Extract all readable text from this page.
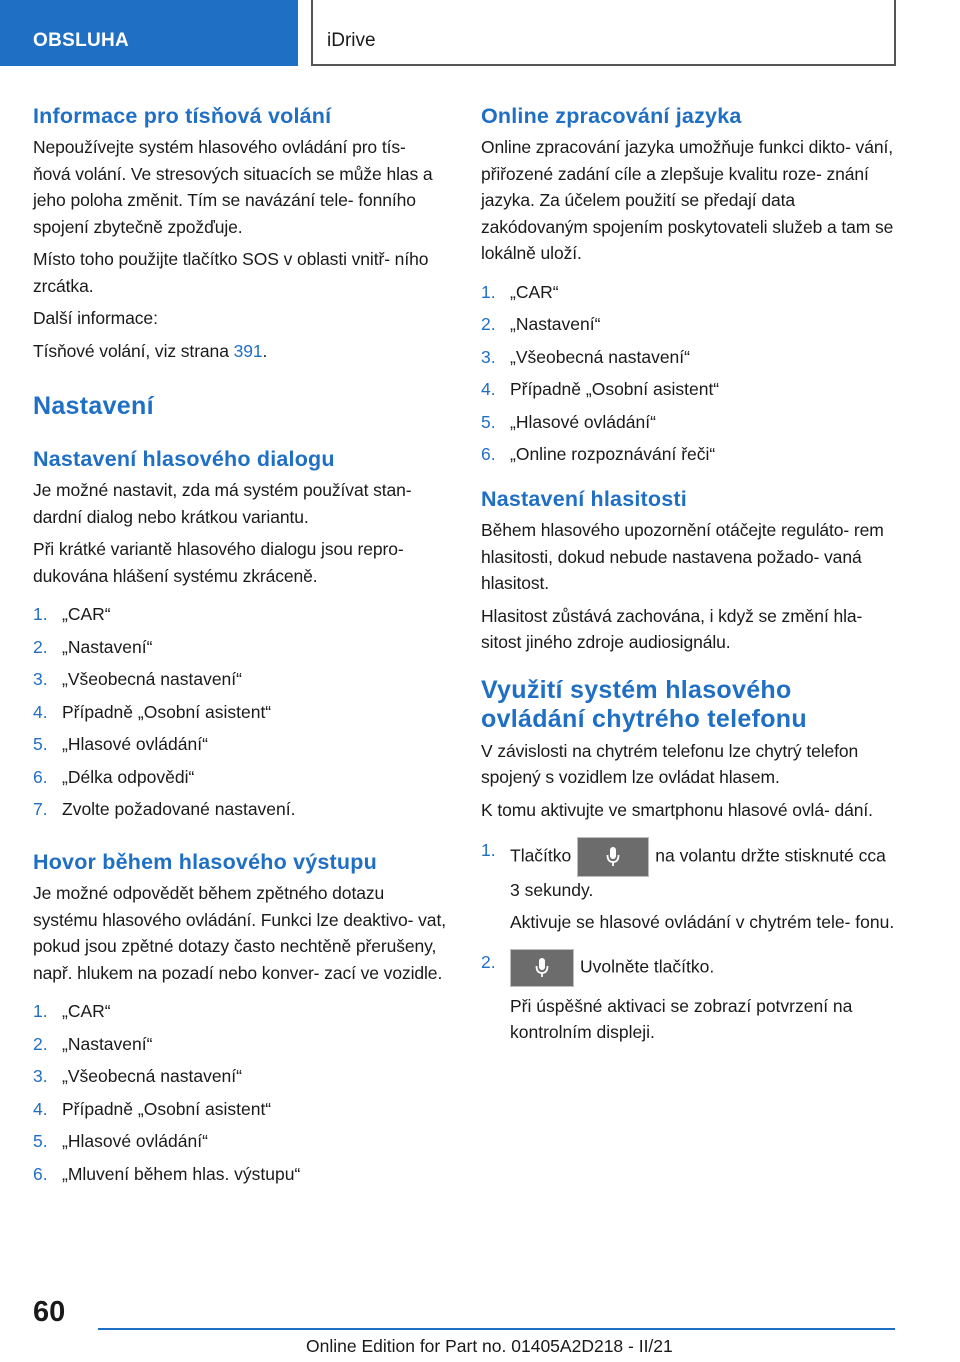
OBSLUHA	iDrive
Informace pro tísňová volání

Nepoužívejte systém hlasového ovládání pro tís‐ ňová volání. Ve stresových situacích se může hlas a jeho poloha změnit. Tím se navázání tele‐ fonního spojení zbytečně zpožďuje.

Místo toho použijte tlačítko SOS v oblasti vnitř‐ ního zrcátka.

Další informace:

Tísňové volání, viz strana 391.

Nastavení
Nastavení hlasového dialogu

Je možné nastavit, zda má systém používat stan‐ dardní dialog nebo krátkou variantu.

Při krátké variantě hlasového dialogu jsou repro‐ dukována hlášení systému zkráceně.

1. „CAR“
2. „Nastavení“
3. „Všeobecná nastavení“
4. Případně „Osobní asistent“
5. „Hlasové ovládání“
6. „Délka odpovědi“
7. Zvolte požadované nastavení.
Hovor během hlasového výstupu

Je možné odpovědět během zpětného dotazu systému hlasového ovládání. Funkci lze deaktivo‐ vat, pokud jsou zpětné dotazy často nechtěně přerušeny, např. hlukem na pozadí nebo konver‐ zací ve vozidle.

1. „CAR“
2. „Nastavení“
3. „Všeobecná nastavení“
4. Případně „Osobní asistent“
5. „Hlasové ovládání“
6. „Mluvení během hlas. výstupu“
Online zpracování jazyka

Online zpracování jazyka umožňuje funkci dikto‐ vání, přiřozené zadání cíle a zlepšuje kvalitu roze‐ znání jazyka. Za účelem použití se předají data zakódovaným spojením poskytovateli služeb a tam se lokálně uloží.

1. „CAR“
2. „Nastavení“
3. „Všeobecná nastavení“
4. Případně „Osobní asistent“
5. „Hlasové ovládání“
6. „Online rozpoznávání řeči“
Nastavení hlasitosti

Během hlasového upozornění otáčejte reguláto‐ rem hlasitosti, dokud nebude nastavena požado‐ vaná hlasitost.

Hlasitost zůstává zachována, i když se změní hla‐ sitost jiného zdroje audiosignálu.

Využití systém hlasového ovládání chytrého telefonu

V závislosti na chytrém telefonu lze chytrý telefon spojený s vozidlem lze ovládat hlasem.

K tomu aktivujte ve smartphonu hlasové ovlá‐ dání.

1. Tlačítko	na volantu držte stisknuté cca 3 sekundy.
Aktivuje se hlasové ovládání v chytrém tele‐ fonu.
2.	Uvolněte tlačítko.
Při úspěšné aktivaci se zobrazí potvrzení na kontrolním displeji.
60
Online Edition for Part no. 01405A2D218 - II/21
